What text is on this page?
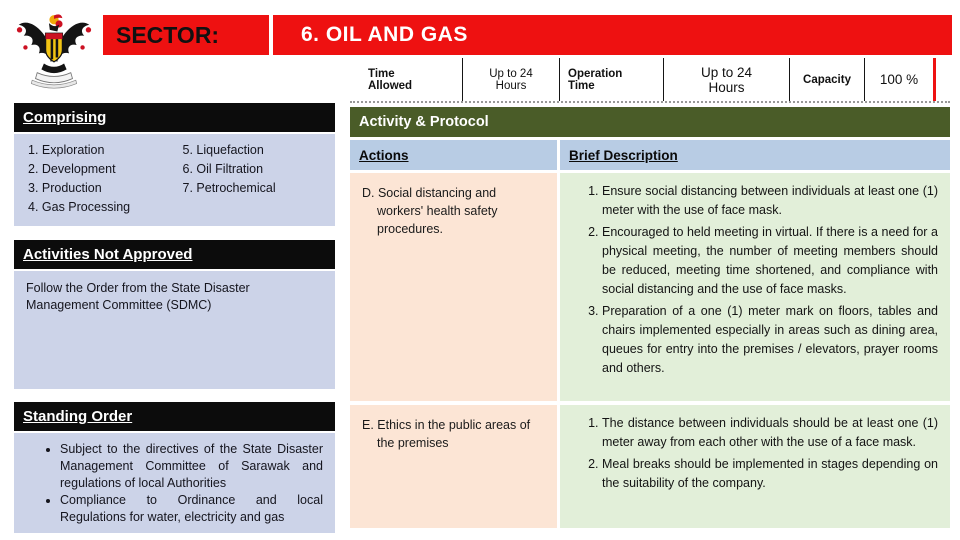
SECTOR:	6. OIL AND GAS
Time Allowed
Up to 24 Hours
Operation Time
Up to 24 Hours	Capacity 100 %
Comprising
1. Exploration
2. Development
3. Production
4. Gas Processing
5. Liquefaction
6. Oil Filtration
7. Petrochemical
Activities Not Approved
Follow the Order from the State Disaster Management Committee (SDMC)
Standing Order
• Subject to the directives of the State Disaster Management Committee of Sarawak and regulations of local Authorities
• Compliance to Ordinance and local Regulations for water, electricity and gas
Activity & Protocol
Actions	Brief Description
D. Social distancing and workers' health safety procedures.
1. Ensure social distancing between individuals at least one (1) meter with the use of face mask.
2. Encouraged to held meeting in virtual. If there is a need for a physical meeting, the number of meeting members should be reduced, meeting time shortened, and compliance with social distancing and the use of face masks.
3. Preparation of a one (1) meter mark on floors, tables and chairs implemented especially in areas such as dining area, queues for entry into the premises / elevators, prayer rooms and others.
E. Ethics in the public areas of the premises
1. The distance between individuals should be at least one (1) meter away from each other with the use of a face mask.
2. Meal breaks should be implemented in stages depending on the suitability of the company.
